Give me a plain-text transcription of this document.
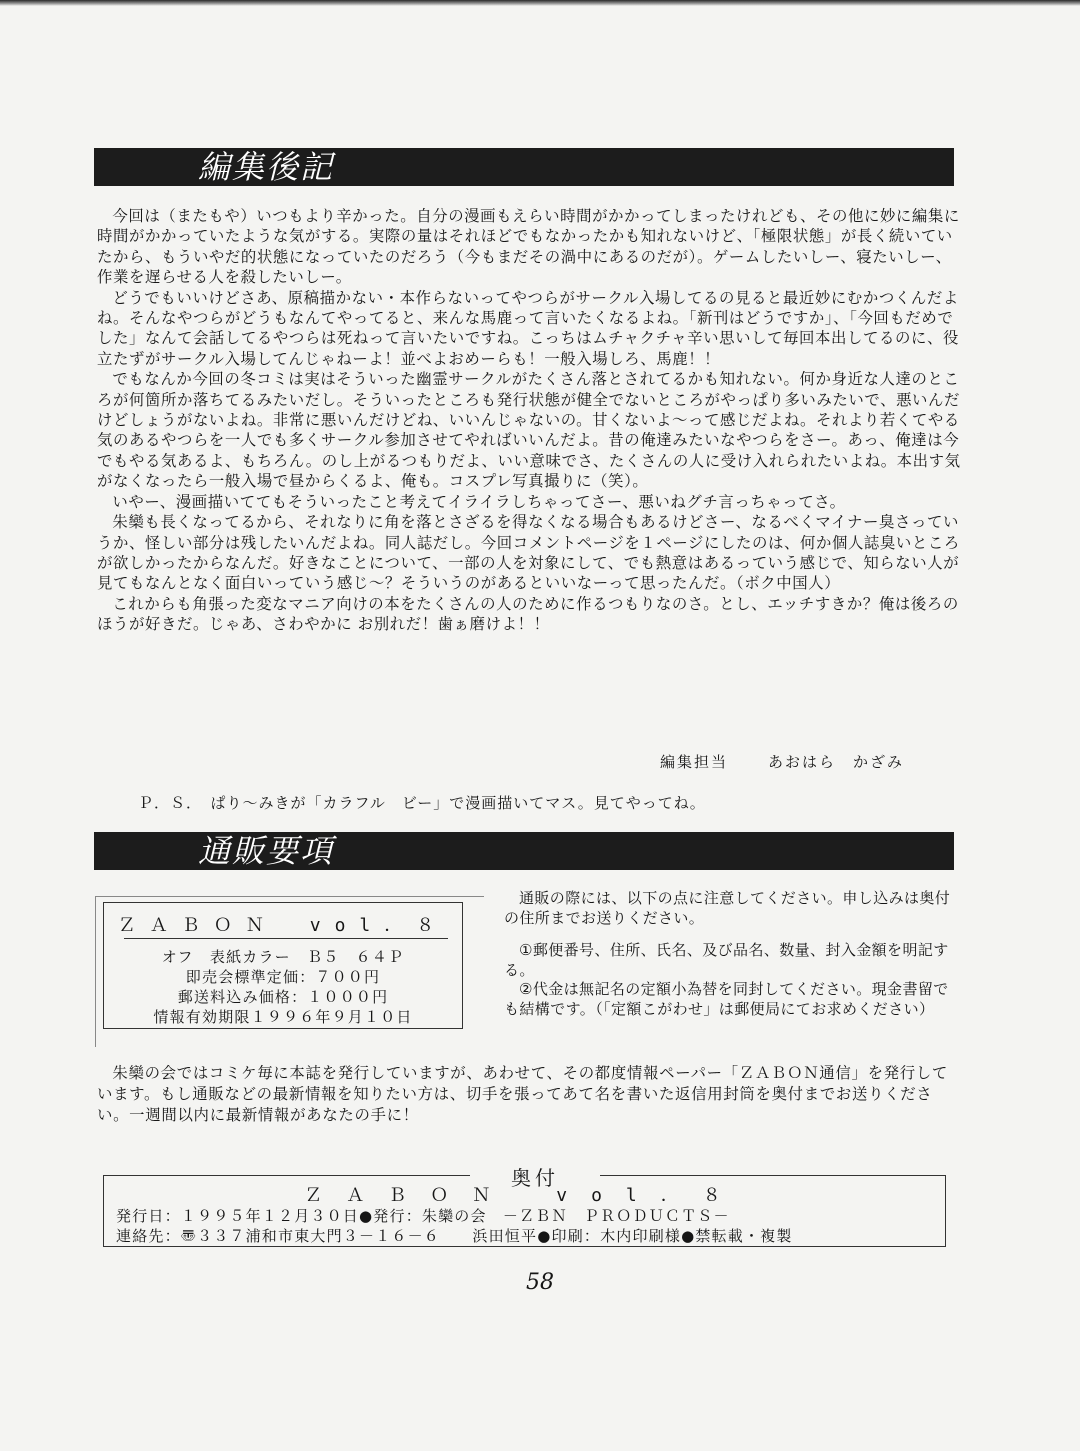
編集後記

今回は（またもや）いつもより辛かった。自分の漫画もえらい時間がかかってしまったけれども、その他に妙に編集に時間がかかっていたような気がする。実際の量はそれほどでもなかったかも知れないけど、「極限状態」が長く続いていたから、もういやだ的状態になっていたのだろう（今もまだその渦中にあるのだが）。ゲームしたいしー、寝たいしー、作業を遅らせる人を殺したいしー。

どうでもいいけどさあ、原稿描かない・本作らないってやつらがサークル入場してるの見ると最近妙にむかつくんだよね。そんなやつらがどうもなんてやってると、来んな馬鹿って言いたくなるよね。「新刊はどうですか」、「今回もだめでした」なんて会話してるやつらは死ねって言いたいですね。こっちはムチャクチャ辛い思いして毎回本出してるのに、役立たずがサークル入場してんじゃねーよ！並べよおめーらも！一般入場しろ、馬鹿！！

でもなんか今回の冬コミは実はそういった幽霊サークルがたくさん落とされてるかも知れない。何か身近な人達のところが何箇所か落ちてるみたいだし。そういったところも発行状態が健全でないところがやっぱり多いみたいで、悪いんだけどしょうがないよね。非常に悪いんだけどね、いいんじゃないの。甘くないよ～って感じだよね。それより若くてやる気のあるやつらを一人でも多くサークル参加させてやればいいんだよ。昔の俺達みたいなやつらをさー。あっ、俺達は今でもやる気あるよ、もちろん。のし上がるつもりだよ、いい意味でさ、たくさんの人に受け入れられたいよね。本出す気がなくなったら一般入場で昼からくるよ、俺も。コスプレ写真撮りに（笑）。

いやー、漫画描いててもそういったこと考えてイライラしちゃってさー、悪いねグチ言っちゃってさ。

朱欒も長くなってるから、それなりに角を落とさざるを得なくなる場合もあるけどさー、なるべくマイナー臭さっていうか、怪しい部分は残したいんだよね。同人誌だし。今回コメントページを１ページにしたのは、何か個人誌臭いところが欲しかったからなんだ。好きなことについて、一部の人を対象にして、でも熱意はあるっていう感じで、知らない人が見てもなんとなく面白いっていう感じ～？そういうのがあるといいなーって思ったんだ。（ボク中国人）

これからも角張った変なマニア向けの本をたくさんの人のために作るつもりなのさ。とし、エッチすきか？俺は後ろのほうが好きだ。じゃあ、さわやかに お別れだ！歯ぁ磨けよ！！

編集担当	あおはら　かざみ
Ｐ．Ｓ．　ぱり～みきが「カラフル　ビー」で漫画描いてマス。見てやってね。
通販要項
ＺＡＢＯＮ　vol．８
オフ　表紙カラー　Ｂ５　６４Ｐ
即売会標準定価：７００円
郵送料込み価格：１０００円
情報有効期限１９９６年９月１０日

通販の際には、以下の点に注意してください。申し込みは奥付の住所までお送りください。

①郵便番号、住所、氏名、及び品名、数量、封入金額を明記する。

②代金は無記名の定額小為替を同封してください。現金書留でも結構です。（「定額こがわせ」は郵便局にてお求めください）

朱欒の会ではコミケ毎に本誌を発行していますが、あわせて、その都度情報ペーパー「ＺＡＢＯＮ通信」を発行しています。もし通販などの最新情報を知りたい方は、切手を張ってあて名を書いた返信用封筒を奥付までお送りください。一週間以内に最新情報があなたの手に！
奥付
ＺＡＢＯＮ　vol．８
発行日：１９９５年１２月３０日●発行：朱欒の会　－ＺＢＮ　ＰＲＯＤＵＣＴＳ－
連絡先：〠３３７浦和市東大門３－１６－６　　浜田恒平●印刷：木内印刷様●禁転載・複製
58
